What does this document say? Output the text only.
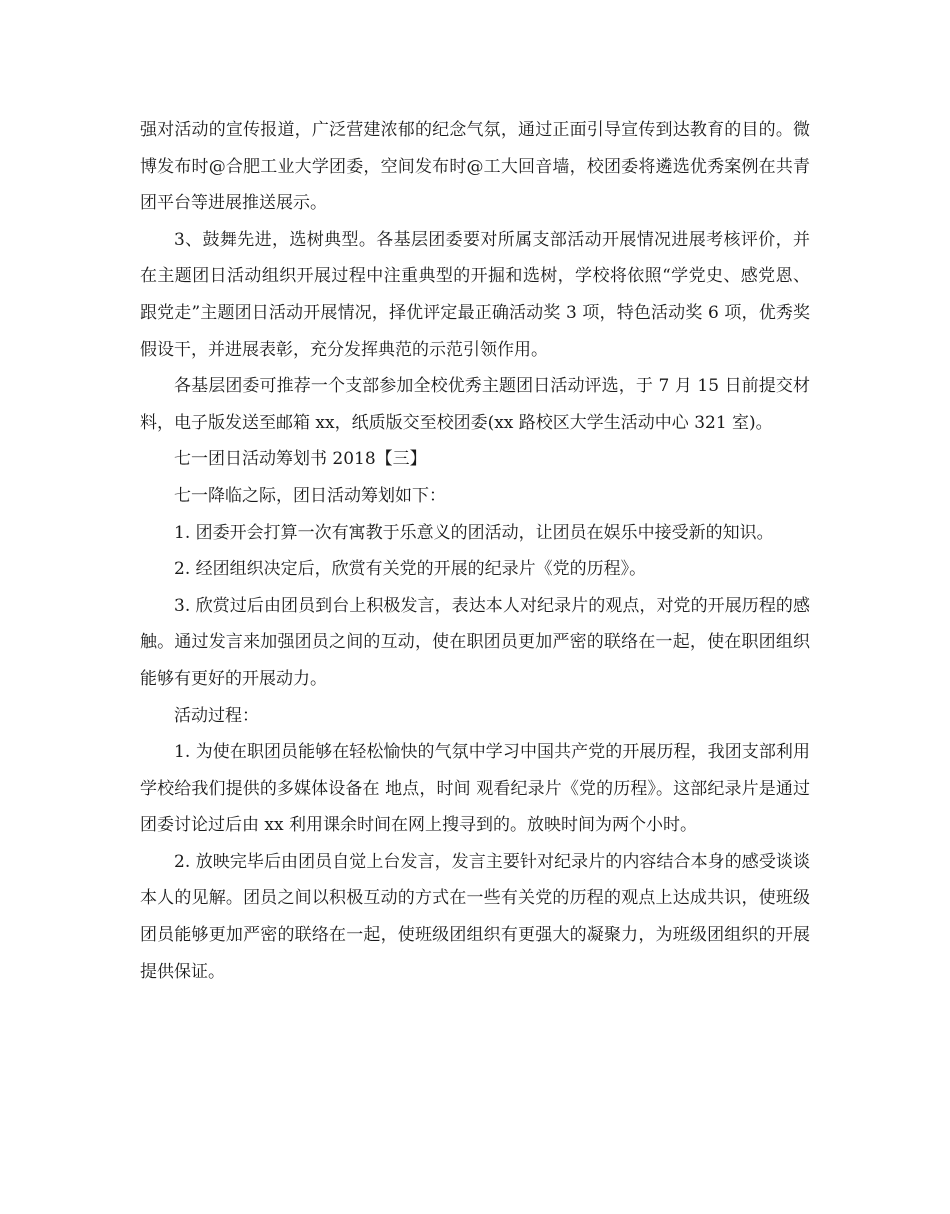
强对活动的宣传报道，广泛营建浓郁的纪念气氛，通过正面引导宣传到达教育的目的。微博发布时@合肥工业大学团委，空间发布时@工大回音墙，校团委将遴选优秀案例在共青团平台等进展推送展示。

3、鼓舞先进，选树典型。各基层团委要对所属支部活动开展情况进展考核评价，并在主题团日活动组织开展过程中注重典型的开掘和选树，学校将依照“学党史、感党恩、跟党走”主题团日活动开展情况，择优评定最正确活动奖 3 项，特色活动奖 6 项，优秀奖假设干，并进展表彰，充分发挥典范的示范引领作用。

各基层团委可推荐一个支部参加全校优秀主题团日活动评选，于 7 月 15 日前提交材料，电子版发送至邮箱 xx，纸质版交至校团委(xx 路校区大学生活动中心 321 室)。

七一团日活动筹划书 2018【三】

七一降临之际，团日活动筹划如下：

1. 团委开会打算一次有寓教于乐意义的团活动，让团员在娱乐中接受新的知识。

2. 经团组织决定后，欣赏有关党的开展的纪录片《党的历程》。

3. 欣赏过后由团员到台上积极发言，表达本人对纪录片的观点，对党的开展历程的感触。通过发言来加强团员之间的互动，使在职团员更加严密的联络在一起，使在职团组织能够有更好的开展动力。

活动过程：

1. 为使在职团员能够在轻松愉快的气氛中学习中国共产党的开展历程，我团支部利用学校给我们提供的多媒体设备在 地点，时间 观看纪录片《党的历程》。这部纪录片是通过团委讨论过后由 xx 利用课余时间在网上搜寻到的。放映时间为两个小时。

2. 放映完毕后由团员自觉上台发言，发言主要针对纪录片的内容结合本身的感受谈谈本人的见解。团员之间以积极互动的方式在一些有关党的历程的观点上达成共识，使班级团员能够更加严密的联络在一起，使班级团组织有更强大的凝聚力，为班级团组织的开展提供保证。
